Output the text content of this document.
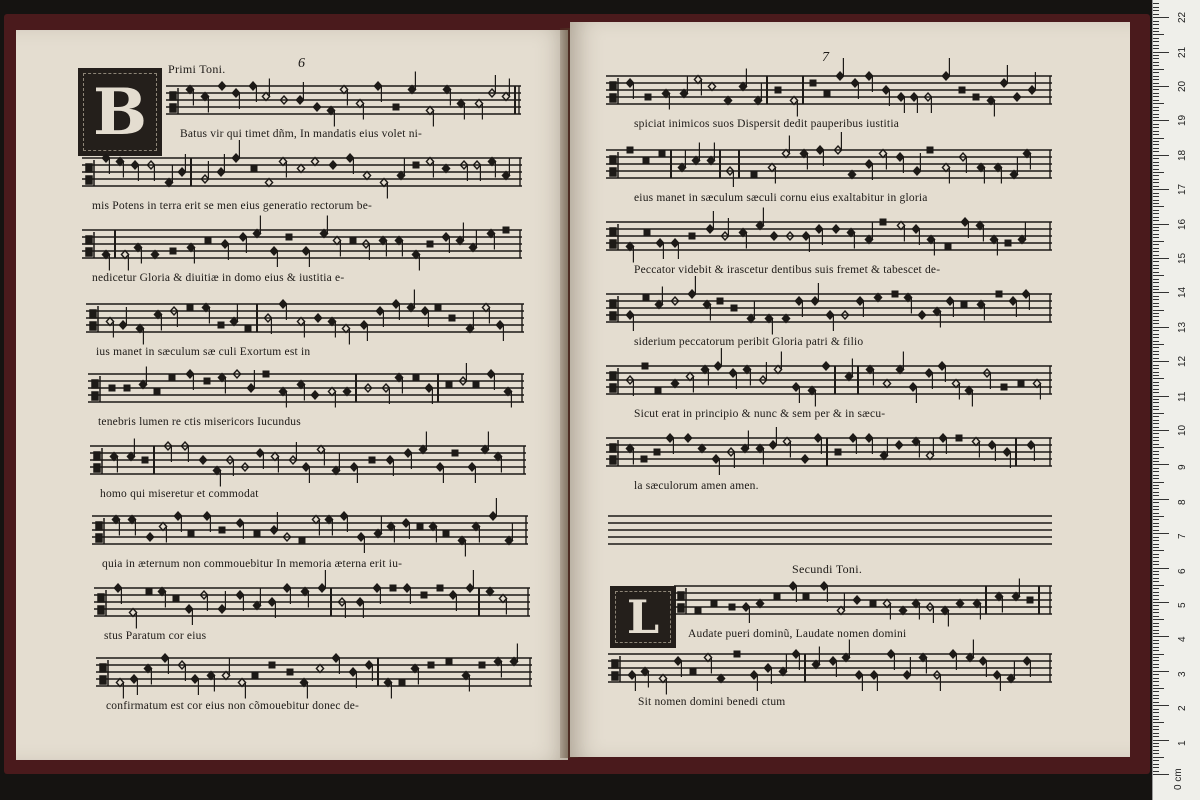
Primi Toni.	6
B	Batus vir qui timet dñm, In mandatis eius volet ni-
mis Potens in terra erit se men eius generatio rectorum be-
nedicetur Gloria & diuitiæ in domo eius & iustitia e-
ius manet in sæculum sæ culi Exortum est in
tenebris lumen re ctis misericors Iucundus
homo qui miseretur et commodat
quia in æternum non commouebitur In memoria æterna erit iu-
stus Paratum cor eius
confirmatum est cor eius non cõmouebitur donec de-
7
spiciat inimicos suos Dispersit dedit pauperibus iustitia
eius manet in sæculum sæculi cornu eius exaltabitur in gloria
Peccator videbit & irascetur dentibus suis fremet & tabescet de-
siderium peccatorum peribit Gloria patri & filio
Sicut erat in principio & nunc & sem per & in sæcu-
la sæculorum amen amen.
Secundi Toni.
L	Audate pueri dominũ, Laudate nomen domini
Sit nomen domini benedi ctum
1
2
3
4
5
6
7
8
9
10
11
12
13
14
15
16
17
18
19
20
21
22
0 cm
